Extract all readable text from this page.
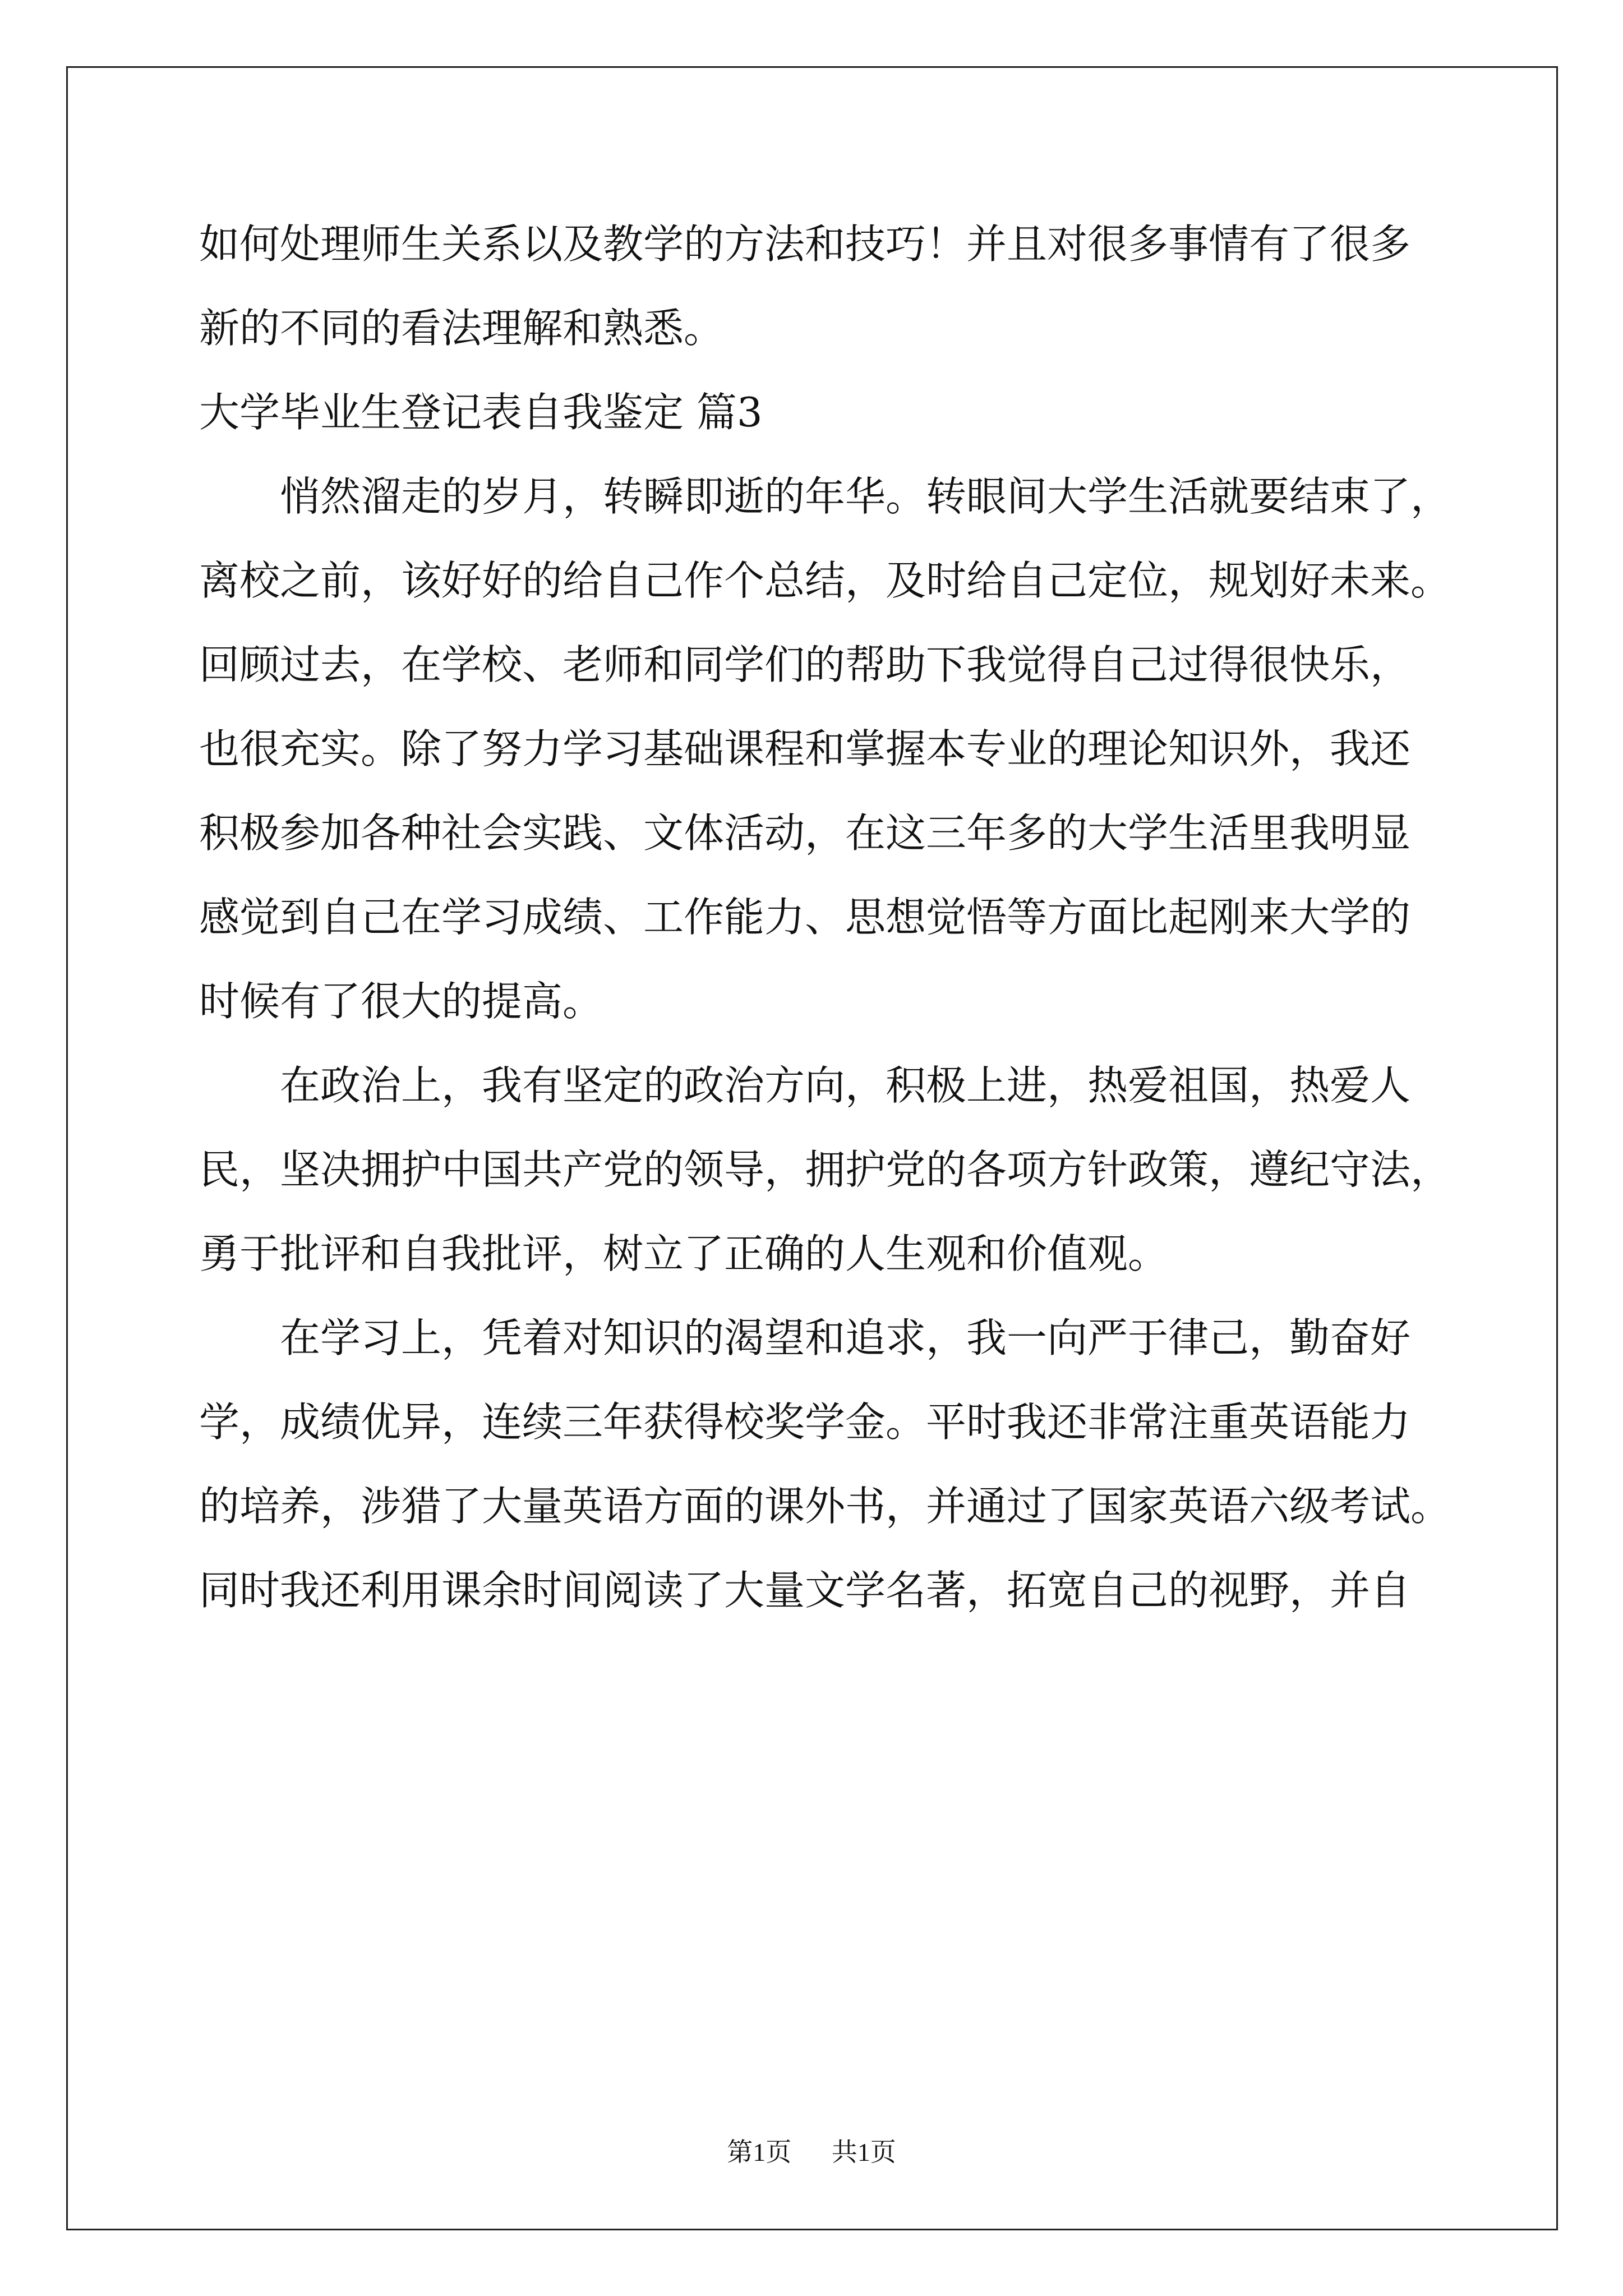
如何处理师生关系以及教学的方法和技巧！并且对很多事情有了很多
新的不同的看法理解和熟悉。
大学毕业生登记表自我鉴定 篇3
悄然溜走的岁月，转瞬即逝的年华。转眼间大学生活就要结束了，
离校之前，该好好的给自己作个总结，及时给自己定位，规划好未来。
回顾过去，在学校、老师和同学们的帮助下我觉得自己过得很快乐，
也很充实。除了努力学习基础课程和掌握本专业的理论知识外，我还
积极参加各种社会实践、文体活动，在这三年多的大学生活里我明显
感觉到自己在学习成绩、工作能力、思想觉悟等方面比起刚来大学的
时候有了很大的提高。
在政治上，我有坚定的政治方向，积极上进，热爱祖国，热爱人
民，坚决拥护中国共产党的领导，拥护党的各项方针政策，遵纪守法，
勇于批评和自我批评，树立了正确的人生观和价值观。
在学习上，凭着对知识的渴望和追求，我一向严于律己，勤奋好
学，成绩优异，连续三年获得校奖学金。平时我还非常注重英语能力
的培养，涉猎了大量英语方面的课外书，并通过了国家英语六级考试。
同时我还利用课余时间阅读了大量文学名著，拓宽自己的视野，并自
第1页 共1页
